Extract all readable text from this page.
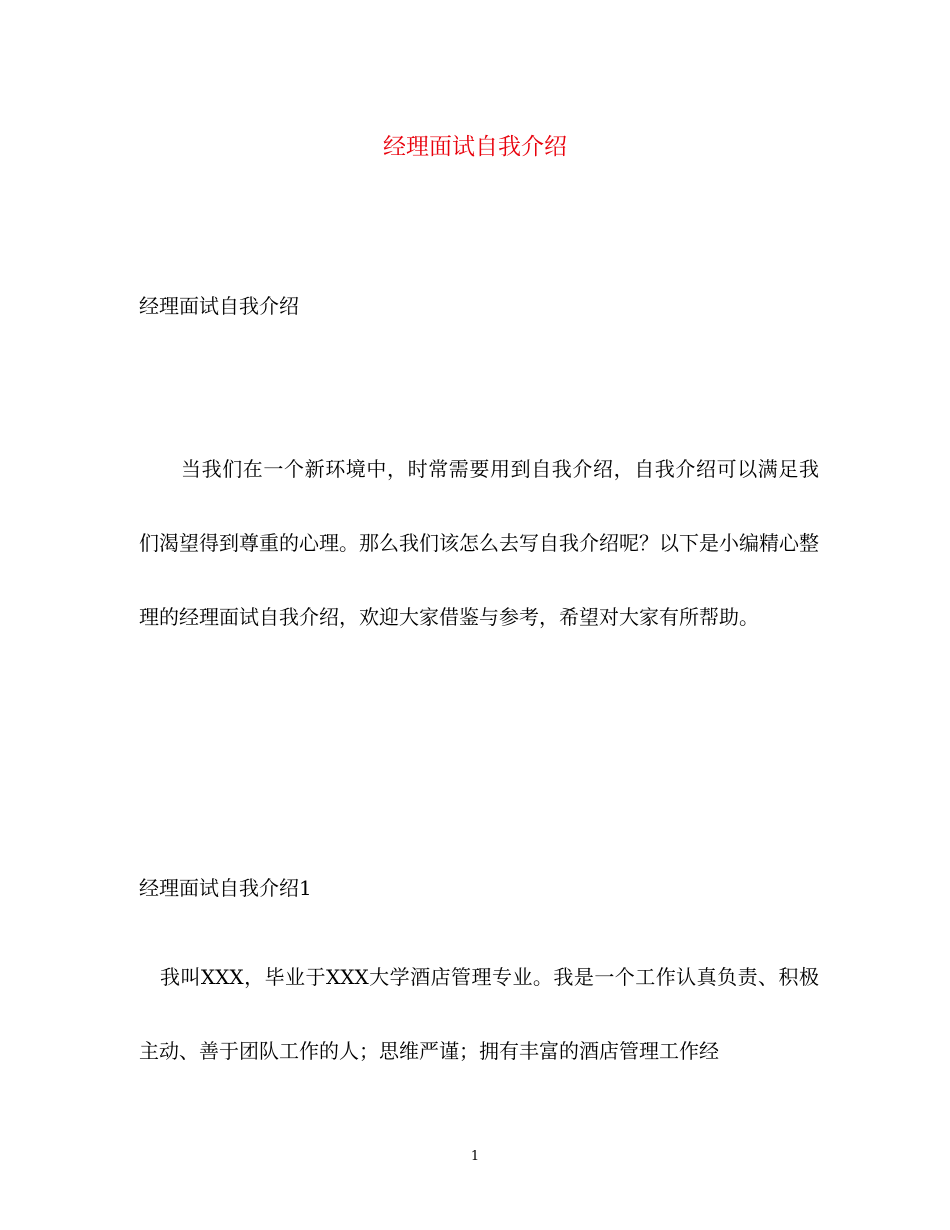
经理面试自我介绍

经理面试自我介绍

当我们在一个新环境中，时常需要用到自我介绍，自我介绍可以满足我们渴望得到尊重的心理。那么我们该怎么去写自我介绍呢？以下是小编精心整理的经理面试自我介绍，欢迎大家借鉴与参考，希望对大家有所帮助。

经理面试自我介绍1

我叫XXX，毕业于XXX大学酒店管理专业。我是一个工作认真负责、积极主动、善于团队工作的人；思维严谨；拥有丰富的酒店管理工作经

1
